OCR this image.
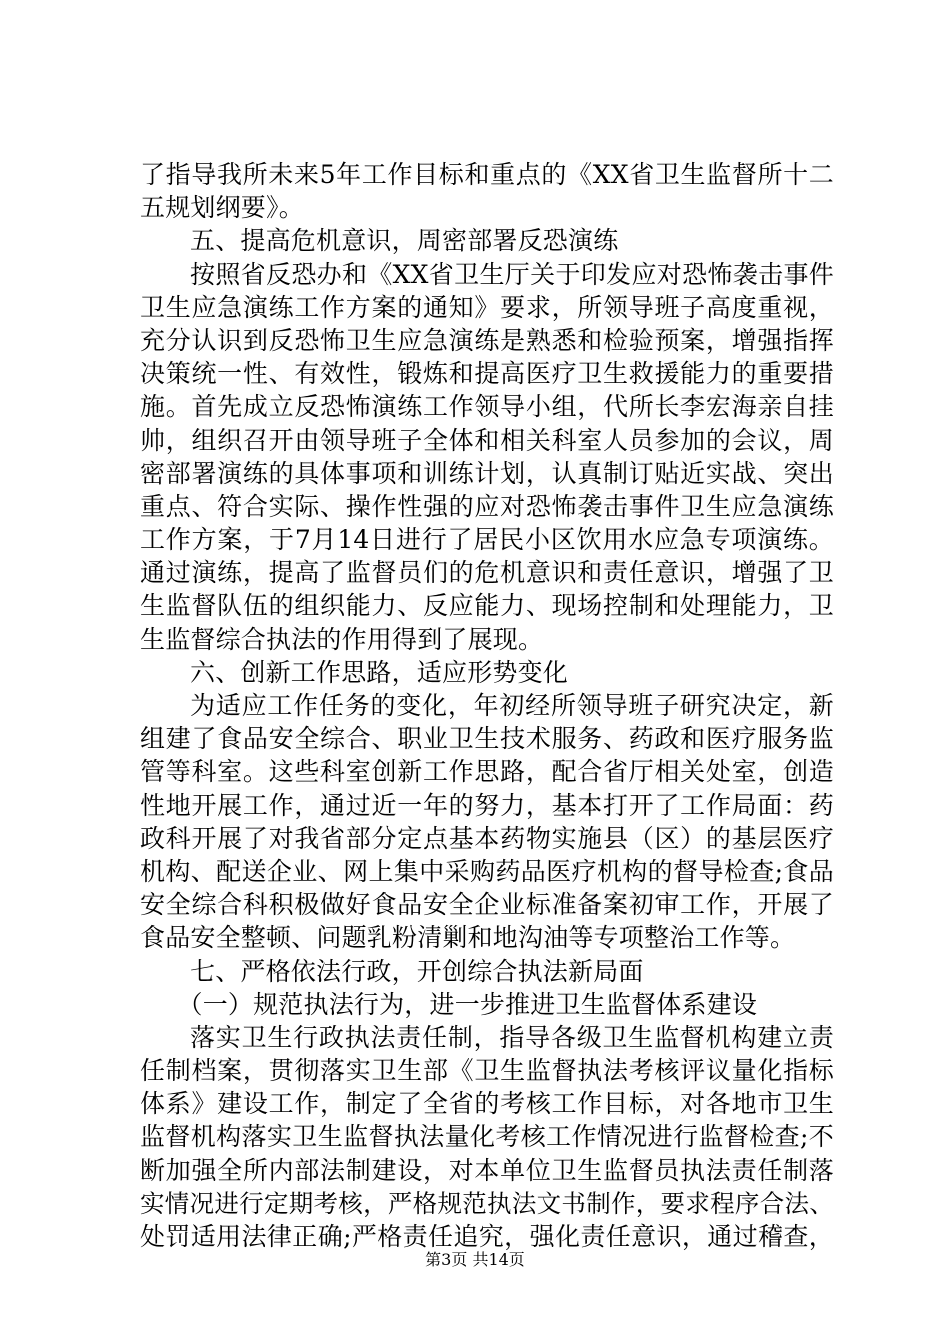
了指导我所未来5年工作目标和重点的《XX省卫生监督所十二
五规划纲要》。
五、提高危机意识，周密部署反恐演练
按照省反恐办和《XX省卫生厅关于印发应对恐怖袭击事件
卫生应急演练工作方案的通知》要求，所领导班子高度重视，
充分认识到反恐怖卫生应急演练是熟悉和检验预案，增强指挥
决策统一性、有效性，锻炼和提高医疗卫生救援能力的重要措
施。首先成立反恐怖演练工作领导小组，代所长李宏海亲自挂
帅，组织召开由领导班子全体和相关科室人员参加的会议，周
密部署演练的具体事项和训练计划，认真制订贴近实战、突出
重点、符合实际、操作性强的应对恐怖袭击事件卫生应急演练
工作方案，于7月14日进行了居民小区饮用水应急专项演练。
通过演练，提高了监督员们的危机意识和责任意识，增强了卫
生监督队伍的组织能力、反应能力、现场控制和处理能力，卫
生监督综合执法的作用得到了展现。
六、创新工作思路，适应形势变化
为适应工作任务的变化，年初经所领导班子研究决定，新
组建了食品安全综合、职业卫生技术服务、药政和医疗服务监
管等科室。这些科室创新工作思路，配合省厅相关处室，创造
性地开展工作，通过近一年的努力，基本打开了工作局面：药
政科开展了对我省部分定点基本药物实施县（区）的基层医疗
机构、配送企业、网上集中采购药品医疗机构的督导检查;食品
安全综合科积极做好食品安全企业标准备案初审工作，开展了
食品安全整顿、问题乳粉清剿和地沟油等专项整治工作等。
七、严格依法行政，开创综合执法新局面
（一）规范执法行为，进一步推进卫生监督体系建设
落实卫生行政执法责任制，指导各级卫生监督机构建立责
任制档案，贯彻落实卫生部《卫生监督执法考核评议量化指标
体系》建设工作，制定了全省的考核工作目标，对各地市卫生
监督机构落实卫生监督执法量化考核工作情况进行监督检查;不
断加强全所内部法制建设，对本单位卫生监督员执法责任制落
实情况进行定期考核，严格规范执法文书制作，要求程序合法、
处罚适用法律正确;严格责任追究，强化责任意识，通过稽查，
第3页 共14页
